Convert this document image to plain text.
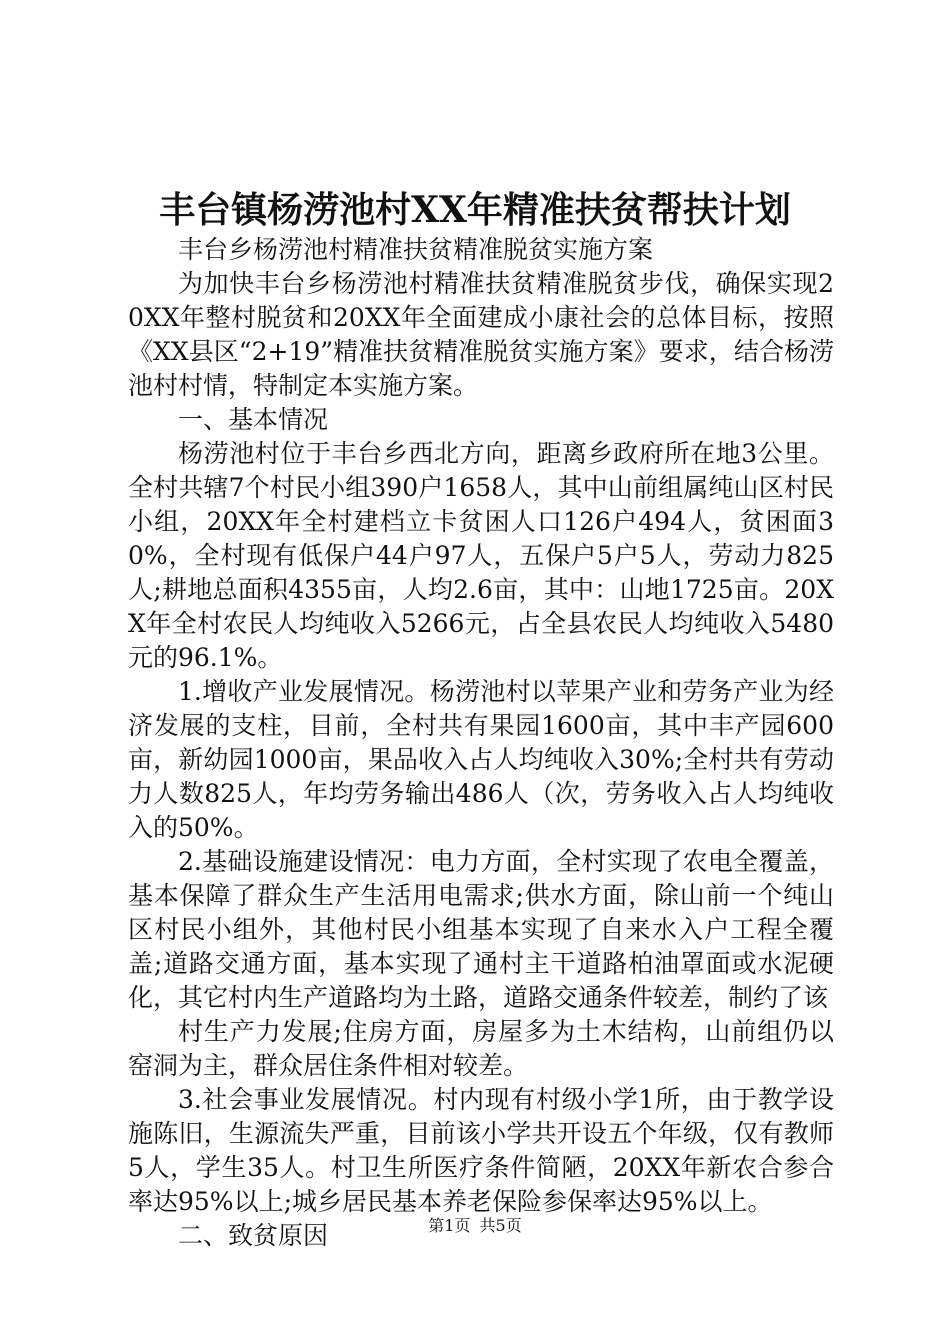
丰台镇杨涝池村XX年精准扶贫帮扶计划

丰台乡杨涝池村精准扶贫精准脱贫实施方案

为加快丰台乡杨涝池村精准扶贫精准脱贫步伐，确保实现20XX年整村脱贫和20XX年全面建成小康社会的总体目标，按照《XX县区“2+19”精准扶贫精准脱贫实施方案》要求，结合杨涝池村村情，特制定本实施方案。

一、基本情况

杨涝池村位于丰台乡西北方向，距离乡政府所在地3公里。全村共辖7个村民小组390户1658人，其中山前组属纯山区村民小组，20XX年全村建档立卡贫困人口126户494人，贫困面30%，全村现有低保户44户97人，五保户5户5人，劳动力825人;耕地总面积4355亩，人均2.6亩，其中：山地1725亩。20XX年全村农民人均纯收入5266元，占全县农民人均纯收入5480元的96.1%。

1.增收产业发展情况。杨涝池村以苹果产业和劳务产业为经济发展的支柱，目前，全村共有果园1600亩，其中丰产园600亩，新幼园1000亩，果品收入占人均纯收入30%;全村共有劳动力人数825人，年均劳务输出486人（次，劳务收入占人均纯收入的50%。

2.基础设施建设情况：电力方面，全村实现了农电全覆盖，基本保障了群众生产生活用电需求;供水方面，除山前一个纯山区村民小组外，其他村民小组基本实现了自来水入户工程全覆盖;道路交通方面，基本实现了通村主干道路柏油罩面或水泥硬化，其它村内生产道路均为土路，道路交通条件较差，制约了该

村生产力发展;住房方面，房屋多为土木结构，山前组仍以窑洞为主，群众居住条件相对较差。

3.社会事业发展情况。村内现有村级小学1所，由于教学设施陈旧，生源流失严重，目前该小学共开设五个年级，仅有教师5人，学生35人。村卫生所医疗条件简陋，20XX年新农合参合率达95%以上;城乡居民基本养老保险参保率达95%以上。

二、致贫原因	第1页 共5页
